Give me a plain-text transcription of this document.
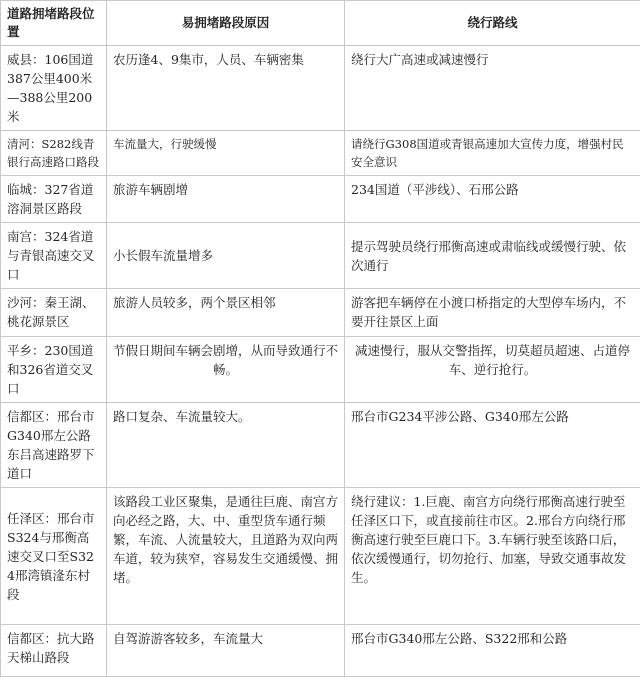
道路拥堵路段位置	易拥堵路段原因	绕行路线
威县：106国道387公里400米—388公里200米	农历逢4、9集市，人员、车辆密集	绕行大广高速或减速慢行
清河：S282线青银行高速路口路段	车流量大，行驶缓慢	请绕行G308国道或青银高速加大宣传力度，增强村民安全意识
临城：327省道溶洞景区路段	旅游车辆剧增	234国道（平涉线）、石邢公路
南宫：324省道与青银高速交叉口	小长假车流量增多	提示驾驶员绕行邢衡高速或肃临线或缓慢行驶、依次通行
沙河：秦王湖、桃花源景区	旅游人员较多，两个景区相邻	游客把车辆停在小渡口桥指定的大型停车场内，不要开往景区上面
平乡：230国道和326省道交叉口	节假日期间车辆会剧增，从而导致通行不畅。	减速慢行，服从交警指挥，切莫超员超速、占道停车、逆行抢行。
信都区：邢台市G340邢左公路东吕高速路罗下道口	路口复杂、车流量较大。	邢台市G234平涉公路、G340邢左公路
任泽区：邢台市S324与邢衡高速交叉口至S324邢湾镇湰东村段	该路段工业区聚集，是通往巨鹿、南宫方向必经之路，大、中、重型货车通行频繁，车流、人流量较大，且道路为双向两车道，较为狭窄，容易发生交通缓慢、拥堵。	绕行建议：1.巨鹿、南宫方向绕行邢衡高速行驶至任泽区口下，或直接前往市区。2.邢台方向绕行邢衡高速行驶至巨鹿口下。3.车辆行驶至该路口后，依次缓慢通行，切勿抢行、加塞，导致交通事故发生。
信都区：抗大路天梯山路段	自驾游游客较多，车流量大	邢台市G340邢左公路、S322邢和公路
